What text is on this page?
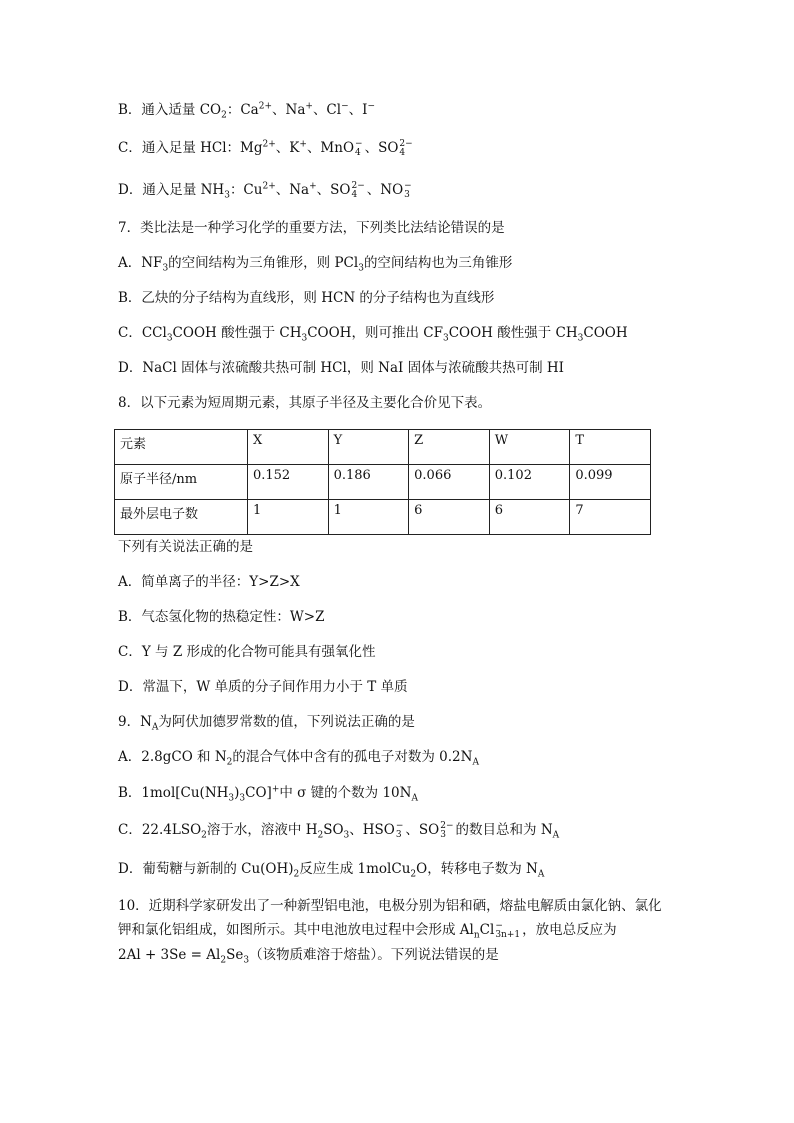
B．通入适量 $CO_2$：$Ca^{2+}$、Na+、Cl−、I−
C．通入足量 HCl：$Mg^{2+}$、K+、MnO −
4 、SO 2−
4
D．通入足量 $NH_3$：$Cu^{2+}$、Na+、SO 2−
4 、NO −
3
7．类比法是一种学习化学的重要方法，下列类比法结论错误的是
A．$NF_3$的空间结构为三角锥形，则 PCl$_3$的空间结构也为三角锥形
B．乙炔的分子结构为直线形，则 HCN 的分子结构也为直线形
C．CCl$_3$COOH 酸性强于 $CH_3COOH$，则可推出 $CF_3COOH$ 酸性强于 $CH_3COOH$
D．NaCl 固体与浓硫酸共热可制 HCl，则 NaI 固体与浓硫酸共热可制 HI
8．以下元素为短周期元素，其原子半径及主要化合价见下表。
元素	X	Y	Z	W	T
原子半径/nm	0.152	0.186	0.066	0.102	0.099
最外层电子数	1	1	6	6	7
下列有关说法正确的是
A．简单离子的半径：Y>Z>X
B．气态氢化物的热稳定性：W>Z
C．Y 与 Z 形成的化合物可能具有强氧化性
D．常温下，W 单质的分子间作用力小于 T 单质
9．$N_A$为阿伏加德罗常数的值，下列说法正确的是
A．2.8gCO 和 $N_2$的混合气体中含有的孤电子对数为 $0.2N_A$
B．$1mol[Cu(NH_3)_3CO]^+$中 σ 键的个数为 $10N_A$
C．$22.4LSO_2$溶于水，溶液中 $H_2SO_3$、HSO −
3 、SO 2−
3 的数目总和为 $N_A$
D．葡萄糖与新制的 $Cu(OH)_2$反应生成 1molCu$_2$O，转移电子数为 $N_A$
10．近期科学家研发出了一种新型铝电池，电极分别为铝和硒，熔盐电解质由氯化钠、氯化
钾和氯化铝组成，如图所示。其中电池放电过程中会形成 $Al_nCl$ −
3n+1 ，放电总反应为
$2Al + 3Se = Al_2Se_3$（该物质难溶于熔盐）。下列说法错误的是
